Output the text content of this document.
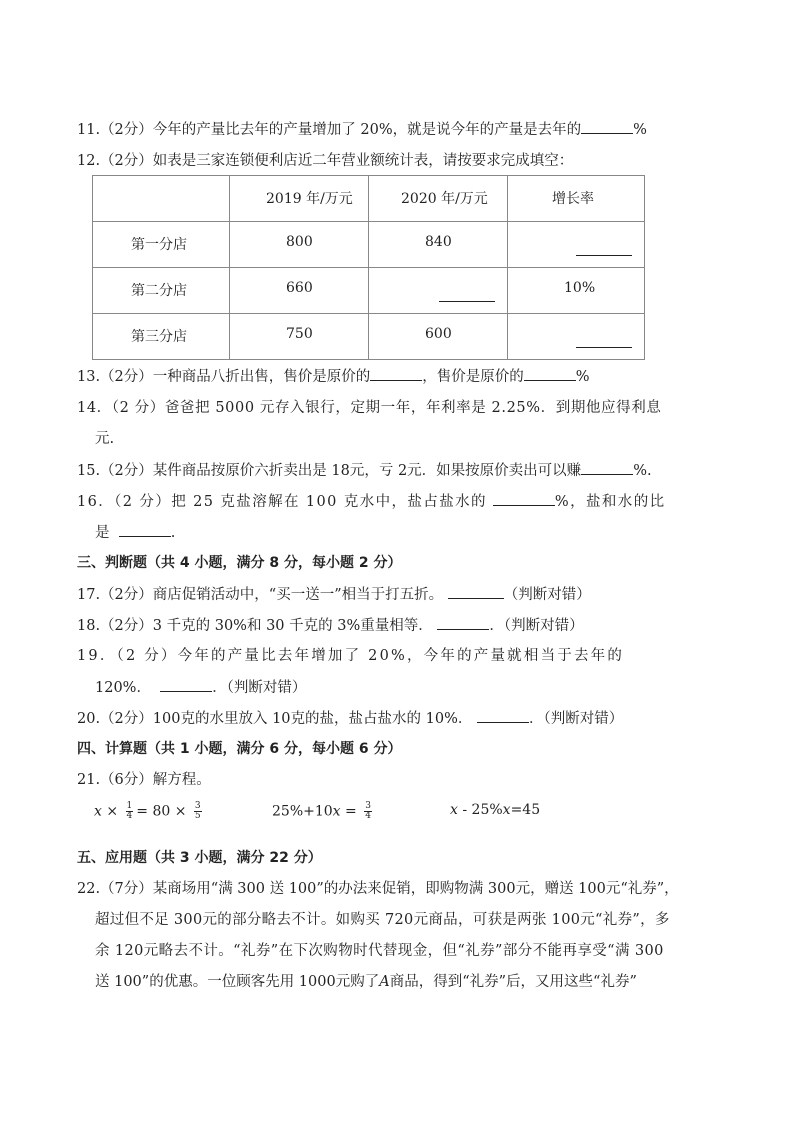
11.（2分）今年的产量比去年的产量增加了 20%，就是说今年的产量是去年的	%
12.（2分）如表是三家连锁便利店近二年营业额统计表，请按要求完成填空：

	2019 年/万元	2020 年/万元	增长率

第一分店	800	840	

第二分店	660		10%

第三分店	750	600	

13.（2分）一种商品八折出售，售价是原价的	，售价是原价的	%
14．（2 分）爸爸把 5000 元存入银行，定期一年，年利率是 2.25%．到期他应得利息
元.
15.（2分）某件商品按原价六折卖出是 18元，亏 2元．如果按原价卖出可以赚	%.
16．（2 分）把 25 克盐溶解在 100 克水中，盐占盐水的	%，盐和水的比
是	.
三、判断题（共 4 小题，满分 8 分，每小题 2 分）
17.（2分）商店促销活动中，“买一送一”相当于打五折。	（判断对错）
18.（2分）3 千克的 30%和 30 千克的 3%重量相等．	．（判断对错）
19．（2 分）今年的产量比去年增加了 20%，今年的产量就相当于去年的
120%．	．（判断对错）
20.（2分）100克的水里放入 10克的盐，盐占盐水的 10%．	．（判断对错）
四、计算题（共 1 小题，满分 6 分，每小题 6 分）
21.（6分）解方程。
$x \times \frac{1}{4} = 80 \times \frac{3}{5}$	$25\%+10x = \frac{3}{4}$	x - 25%x=45
五、应用题（共 3 小题，满分 22 分）
22.（7分）某商场用“满 300 送 100”的办法来促销，即购物满 300元，赠送 100元“礼券”，
超过但不足 300元的部分略去不计。如购买 720元商品，可获是两张 100元“礼券”，多
余 120元略去不计。“礼券”在下次购物时代替现金，但“礼券”部分不能再享受“满 300
送 100”的优惠。一位顾客先用 1000元购了A商品，得到“礼券”后，又用这些“礼券”
